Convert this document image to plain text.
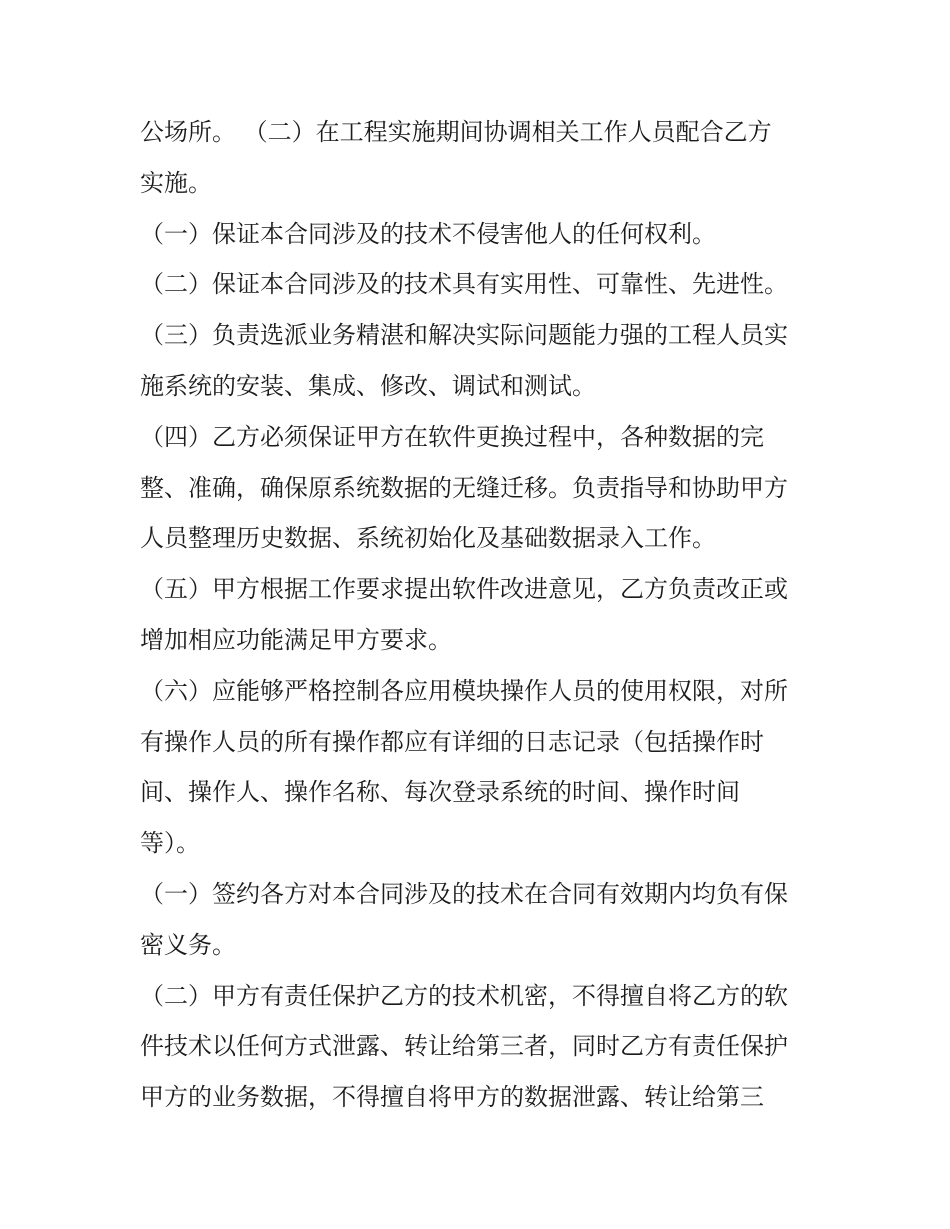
公场所。 （二）在工程实施期间协调相关工作人员配合乙方
实施。
（一）保证本合同涉及的技术不侵害他人的任何权利。
（二）保证本合同涉及的技术具有实用性、可靠性、先进性。
（三）负责选派业务精湛和解决实际问题能力强的工程人员实
施系统的安装、集成、修改、调试和测试。
（四）乙方必须保证甲方在软件更换过程中，各种数据的完
整、准确，确保原系统数据的无缝迁移。负责指导和协助甲方
人员整理历史数据、系统初始化及基础数据录入工作。
（五）甲方根据工作要求提出软件改进意见，乙方负责改正或
增加相应功能满足甲方要求。
（六）应能够严格控制各应用模块操作人员的使用权限，对所
有操作人员的所有操作都应有详细的日志记录（包括操作时
间、操作人、操作名称、每次登录系统的时间、操作时间
等）。
（一）签约各方对本合同涉及的技术在合同有效期内均负有保
密义务。
（二）甲方有责任保护乙方的技术机密，不得擅自将乙方的软
件技术以任何方式泄露、转让给第三者，同时乙方有责任保护
甲方的业务数据，不得擅自将甲方的数据泄露、转让给第三
